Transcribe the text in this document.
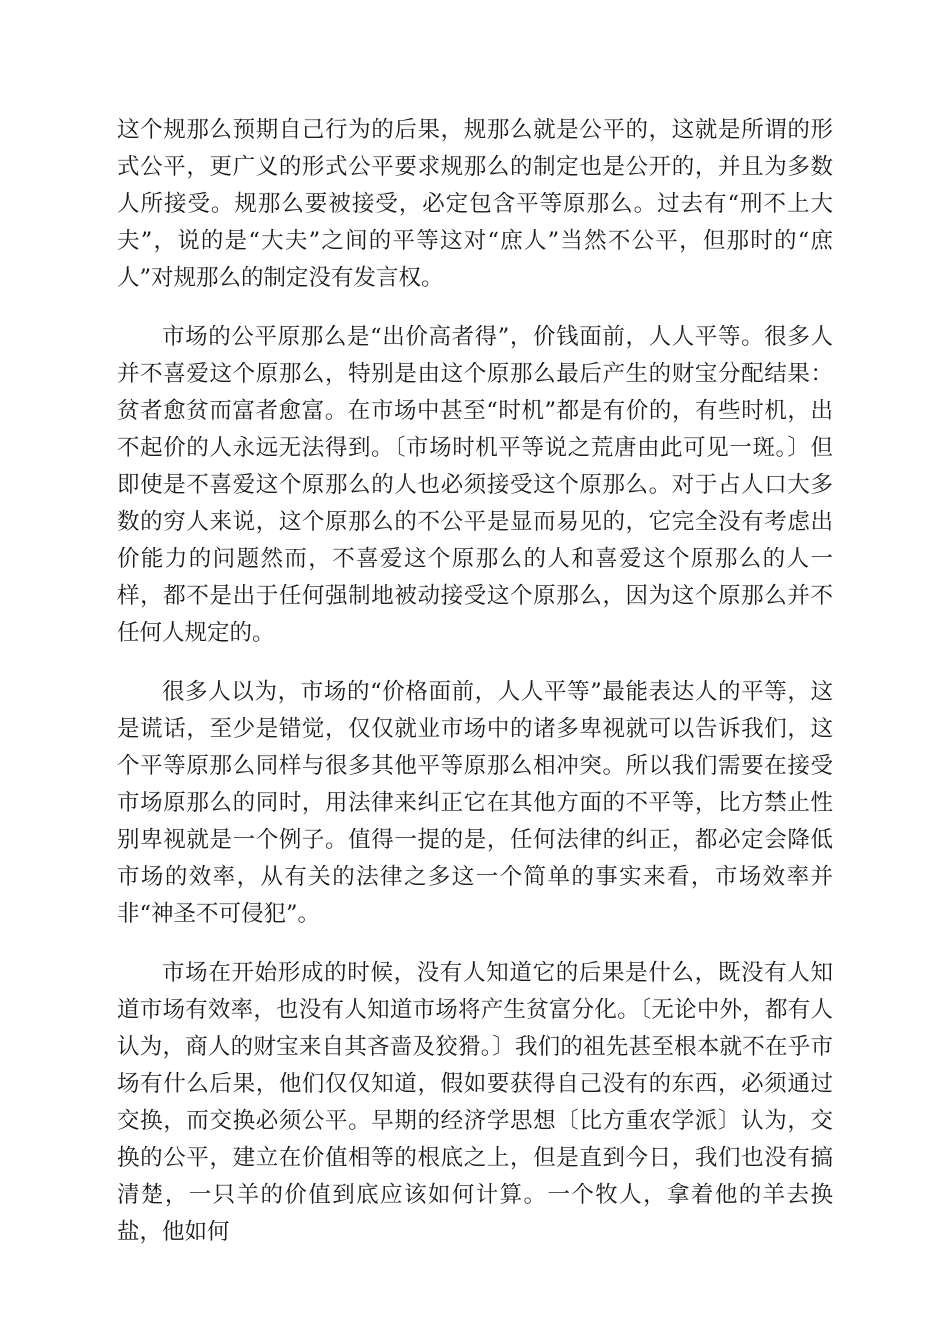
这个规那么预期自己行为的后果，规那么就是公平的，这就是所谓的形式公平，更广义的形式公平要求规那么的制定也是公开的，并且为多数人所接受。规那么要被接受，必定包含平等原那么。过去有“刑不上大夫”，说的是“大夫”之间的平等这对“庶人”当然不公平，但那时的“庶人”对规那么的制定没有发言权。

市场的公平原那么是“出价高者得”，价钱面前，人人平等。很多人并不喜爱这个原那么，特别是由这个原那么最后产生的财宝分配结果：贫者愈贫而富者愈富。在市场中甚至“时机”都是有价的，有些时机，出不起价的人永远无法得到。〔市场时机平等说之荒唐由此可见一斑。〕但即使是不喜爱这个原那么的人也必须接受这个原那么。对于占人口大多数的穷人来说，这个原那么的不公平是显而易见的，它完全没有考虑出价能力的问题然而，不喜爱这个原那么的人和喜爱这个原那么的人一样，都不是出于任何强制地被动接受这个原那么，因为这个原那么并不任何人规定的。

很多人以为，市场的“价格面前，人人平等”最能表达人的平等，这是谎话，至少是错觉，仅仅就业市场中的诸多卑视就可以告诉我们，这个平等原那么同样与很多其他平等原那么相冲突。所以我们需要在接受市场原那么的同时，用法律来纠正它在其他方面的不平等，比方禁止性别卑视就是一个例子。值得一提的是，任何法律的纠正，都必定会降低市场的效率，从有关的法律之多这一个简单的事实来看，市场效率并非“神圣不可侵犯”。

市场在开始形成的时候，没有人知道它的后果是什么，既没有人知道市场有效率，也没有人知道市场将产生贫富分化。〔无论中外，都有人认为，商人的财宝来自其吝啬及狡猾。〕我们的祖先甚至根本就不在乎市场有什么后果，他们仅仅知道，假如要获得自己没有的东西，必须通过交换，而交换必须公平。早期的经济学思想〔比方重农学派〕认为，交换的公平，建立在价值相等的根底之上，但是直到今日，我们也没有搞清楚，一只羊的价值到底应该如何计算。一个牧人，拿着他的羊去换盐，他如何
